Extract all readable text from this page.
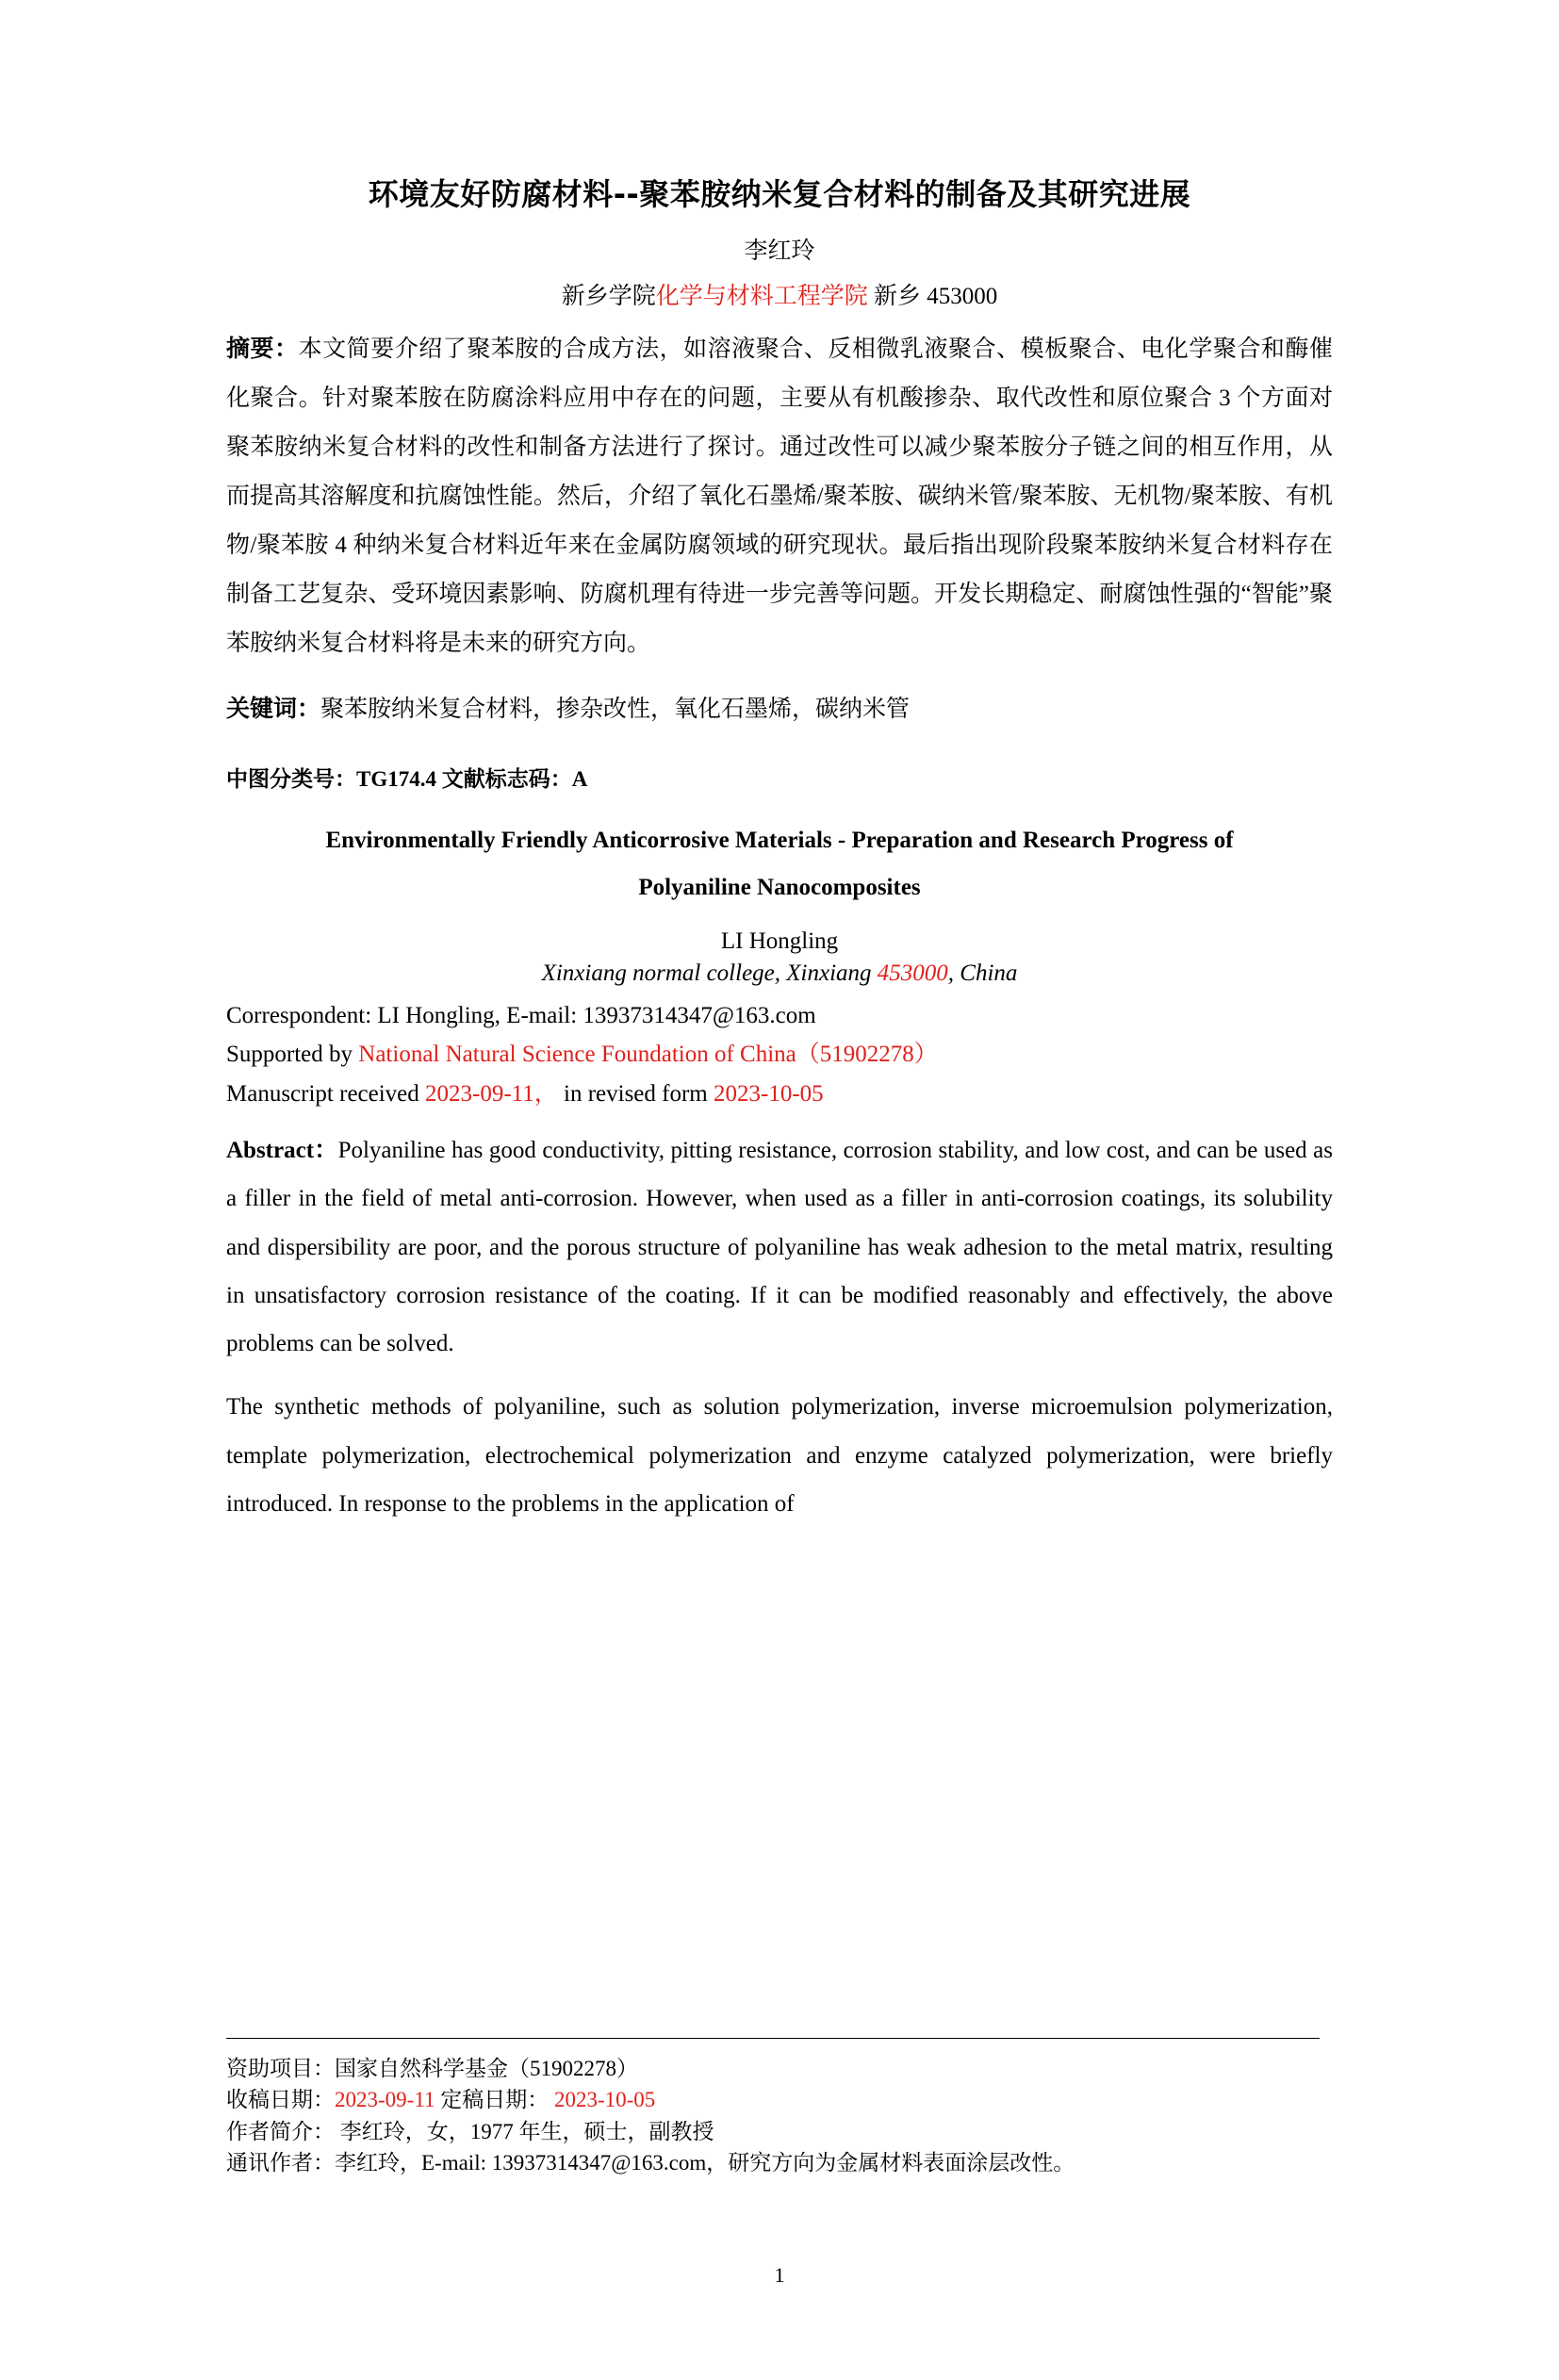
环境友好防腐材料--聚苯胺纳米复合材料的制备及其研究进展
李红玲
新乡学院化学与材料工程学院 新乡 453000
摘要：本文简要介绍了聚苯胺的合成方法，如溶液聚合、反相微乳液聚合、模板聚合、电化学聚合和酶催化聚合。针对聚苯胺在防腐涂料应用中存在的问题，主要从有机酸掺杂、取代改性和原位聚合 3 个方面对聚苯胺纳米复合材料的改性和制备方法进行了探讨。通过改性可以减少聚苯胺分子链之间的相互作用，从而提高其溶解度和抗腐蚀性能。然后，介绍了氧化石墨烯/聚苯胺、碳纳米管/聚苯胺、无机物/聚苯胺、有机物/聚苯胺 4 种纳米复合材料近年来在金属防腐领域的研究现状。最后指出现阶段聚苯胺纳米复合材料存在制备工艺复杂、受环境因素影响、防腐机理有待进一步完善等问题。开发长期稳定、耐腐蚀性强的“智能”聚苯胺纳米复合材料将是未来的研究方向。
关键词：聚苯胺纳米复合材料，掺杂改性，氧化石墨烯，碳纳米管
中图分类号：TG174.4 文献标志码：A
Environmentally Friendly Anticorrosive Materials - Preparation and Research Progress of
Polyaniline Nanocomposites
LI Hongling
Xinxiang normal college, Xinxiang 453000, China
Correspondent: LI Hongling, E-mail: 13937314347@163.com
Supported by National Natural Science Foundation of China（51902278）
Manuscript received 2023-09-11， in revised form 2023-10-05
Abstract：Polyaniline has good conductivity, pitting resistance, corrosion stability, and low cost, and can be used as a filler in the field of metal anti-corrosion. However, when used as a filler in anti-corrosion coatings, its solubility and dispersibility are poor, and the porous structure of polyaniline has weak adhesion to the metal matrix, resulting in unsatisfactory corrosion resistance of the coating. If it can be modified reasonably and effectively, the above problems can be solved.
The synthetic methods of polyaniline, such as solution polymerization, inverse microemulsion polymerization, template polymerization, electrochemical polymerization and enzyme catalyzed polymerization, were briefly introduced. In response to the problems in the application of
资助项目：国家自然科学基金（51902278）
收稿日期：2023-09-11 定稿日期： 2023-10-05
作者简介： 李红玲，女，1977 年生，硕士，副教授
通讯作者：李红玲，E-mail: 13937314347@163.com，研究方向为金属材料表面涂层改性。
1
